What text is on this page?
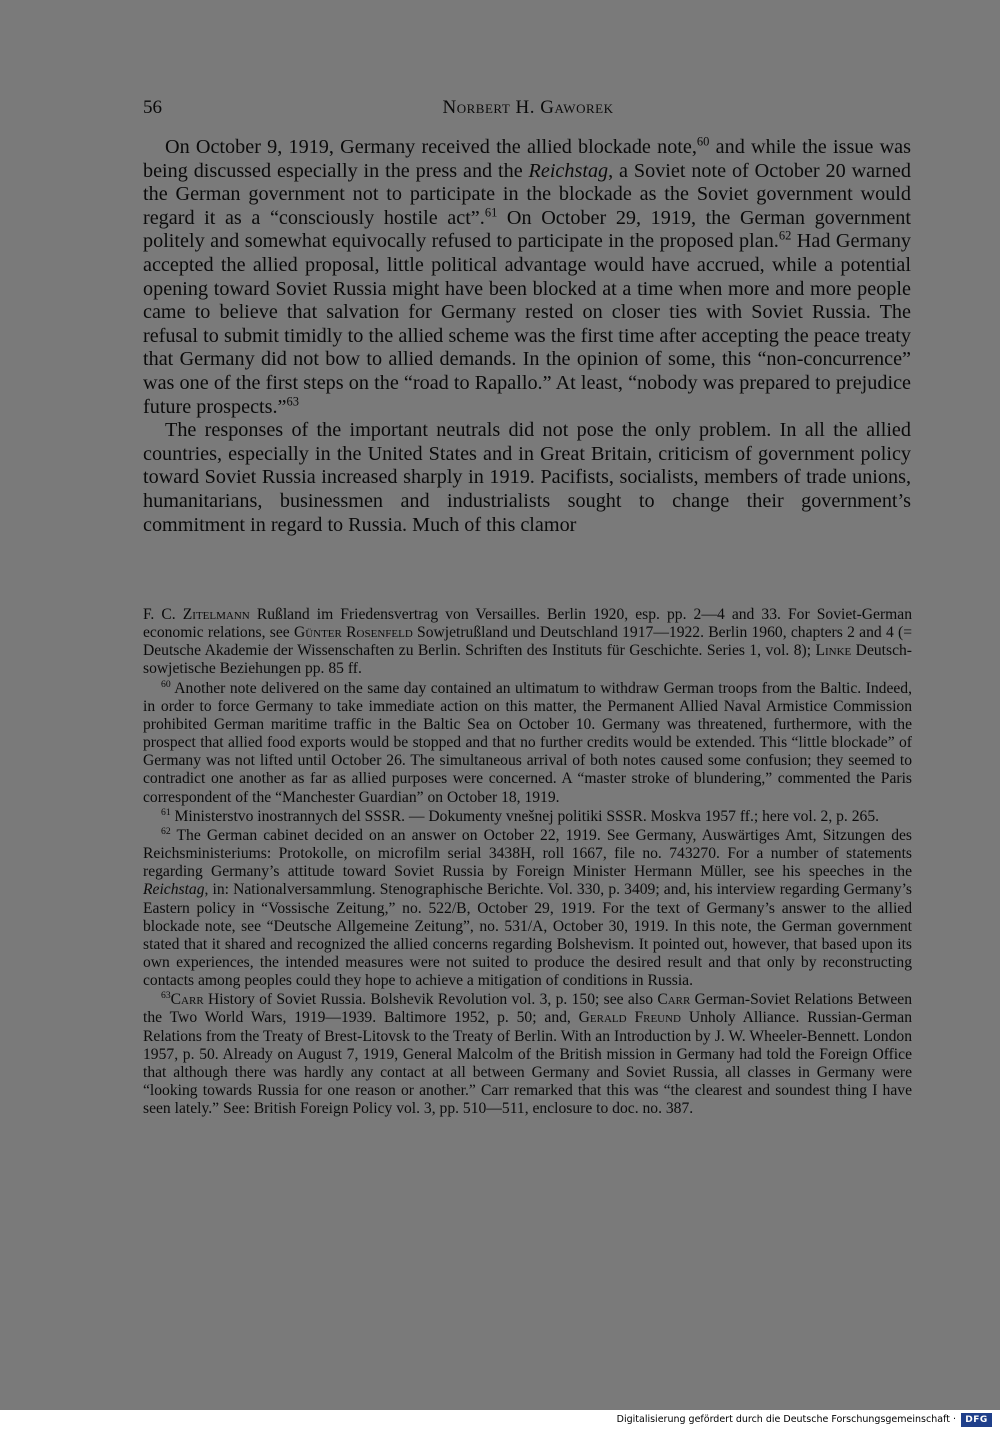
56	Norbert H. Gaworek

On October 9, 1919, Germany received the allied blockade note,$^{60}$ and while the issue was being discussed especially in the press and the Reichstag, a Soviet note of October 20 warned the German government not to participate in the blockade as the Soviet government would regard it as a “consciously hostile act”.$^{61}$ On October 29, 1919, the German government politely and somewhat equivocally refused to participate in the proposed plan.$^{62}$ Had Germany accepted the allied proposal, little political advantage would have accrued, while a potential opening toward Soviet Russia might have been blocked at a time when more and more people came to believe that salvation for Germany rested on closer ties with Soviet Russia. The refusal to submit timidly to the allied scheme was the first time after accepting the peace treaty that Germany did not bow to allied demands. In the opinion of some, this “non-concurrence” was one of the first steps on the “road to Rapallo.” At least, “nobody was prepared to prejudice future prospects.”$^{63}$

The responses of the important neutrals did not pose the only problem. In all the allied countries, especially in the United States and in Great Britain, criticism of government policy toward Soviet Russia increased sharply in 1919. Pacifists, socialists, members of trade unions, humanitarians, businessmen and industrialists sought to change their government’s commitment in regard to Russia. Much of this clamor

F. C. Zitelmann Rußland im Friedensvertrag von Versailles. Berlin 1920, esp. pp. 2—4 and 33. For Soviet-German economic relations, see Günter Rosenfeld Sowjetrußland und Deutschland 1917—1922. Berlin 1960, chapters 2 and 4 (= Deutsche Akademie der Wissenschaften zu Berlin. Schriften des Instituts für Geschichte. Series 1, vol. 8); Linke Deutsch-sowjetische Beziehungen pp. 85 ff.

$^{60}$ Another note delivered on the same day contained an ultimatum to withdraw German troops from the Baltic. Indeed, in order to force Germany to take immediate action on this matter, the Permanent Allied Naval Armistice Commission prohibited German maritime traffic in the Baltic Sea on October 10. Germany was threatened, furthermore, with the prospect that allied food exports would be stopped and that no further credits would be extended. This “little blockade” of Germany was not lifted until October 26. The simultaneous arrival of both notes caused some confusion; they seemed to contradict one another as far as allied purposes were concerned. A “master stroke of blundering,” commented the Paris correspondent of the “Manchester Guardian” on October 18, 1919.

$^{61}$ Ministerstvo inostrannych del SSSR. — Dokumenty vnešnej politiki SSSR. Moskva 1957 ff.; here vol. 2, p. 265.

$^{62}$ The German cabinet decided on an answer on October 22, 1919. See Germany, Auswärtiges Amt, Sitzungen des Reichsministeriums: Protokolle, on microfilm serial 3438H, roll 1667, file no. 743270. For a number of statements regarding Germany’s attitude toward Soviet Russia by Foreign Minister Hermann Müller, see his speeches in the Reichstag, in: Nationalversammlung. Stenographische Berichte. Vol. 330, p. 3409; and, his interview regarding Germany’s Eastern policy in “Vossische Zeitung,” no. 522/B, October 29, 1919. For the text of Germany’s answer to the allied blockade note, see “Deutsche Allgemeine Zeitung”, no. 531/A, October 30, 1919. In this note, the German government stated that it shared and recognized the allied concerns regarding Bolshevism. It pointed out, however, that based upon its own experiences, the intended measures were not suited to produce the desired result and that only by reconstructing contacts among peoples could they hope to achieve a mitigation of conditions in Russia.

$^{63}$Carr History of Soviet Russia. Bolshevik Revolution vol. 3, p. 150; see also Carr German-Soviet Relations Between the Two World Wars, 1919—1939. Baltimore 1952, p. 50; and, Gerald Freund Unholy Alliance. Russian-German Relations from the Treaty of Brest-Litovsk to the Treaty of Berlin. With an Introduction by J. W. Wheeler-Bennett. London 1957, p. 50. Already on August 7, 1919, General Malcolm of the British mission in Germany had told the Foreign Office that although there was hardly any contact at all between Germany and Soviet Russia, all classes in Germany were “looking towards Russia for one reason or another.” Carr remarked that this was “the clearest and soundest thing I have seen lately.” See: British Foreign Policy vol. 3, pp. 510—511, enclosure to doc. no. 387.

Digitalisierung gefördert durch die Deutsche Forschungsgemeinschaft ·	DFG
